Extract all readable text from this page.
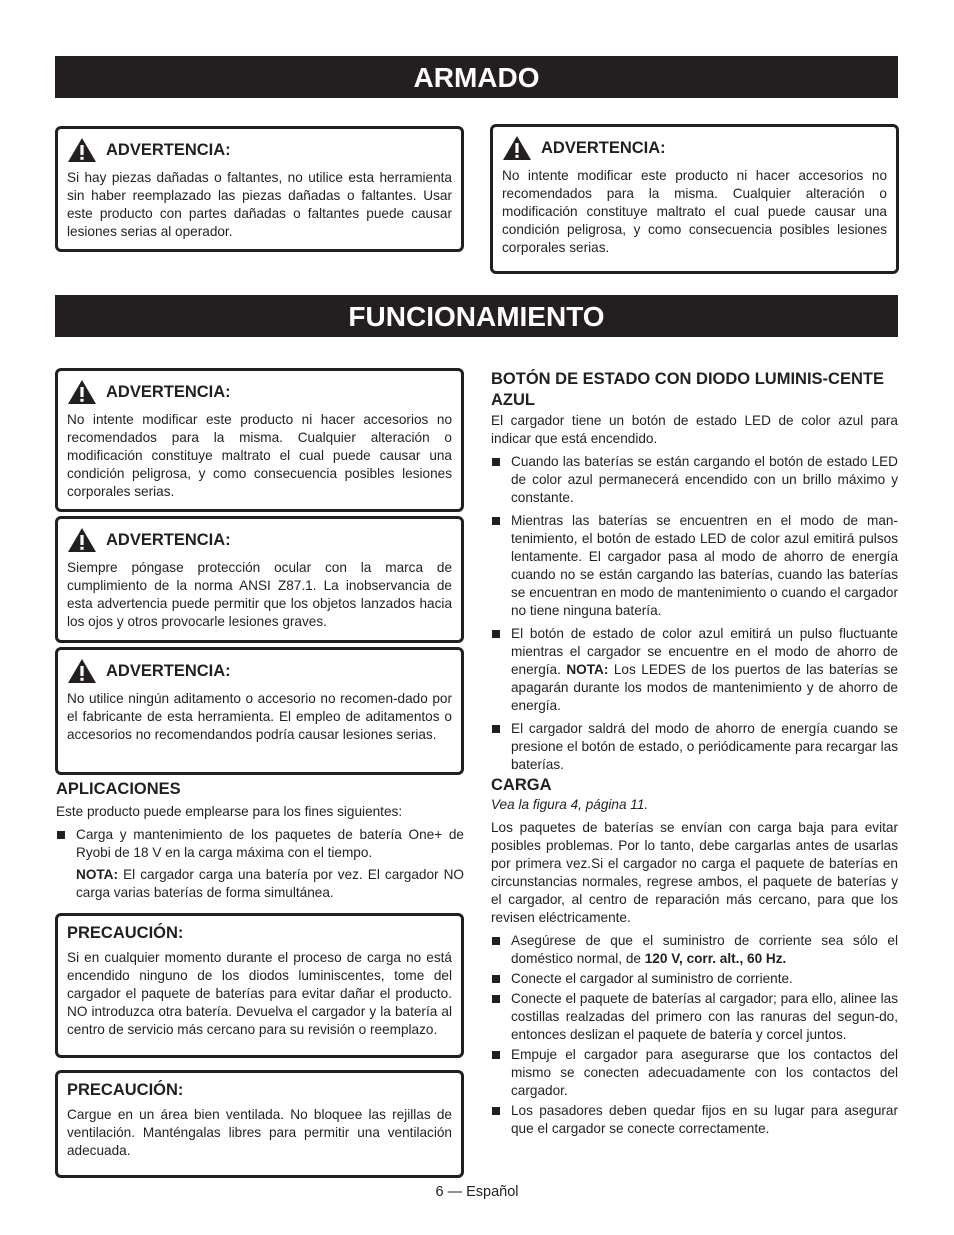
ARMADO
ADVERTENCIA:
Si hay piezas dañadas o faltantes, no utilice esta herramienta sin haber reemplazado las piezas dañadas o faltantes. Usar este producto con partes dañadas o faltantes puede causar lesiones serias al operador.
ADVERTENCIA:
No intente modificar este producto ni hacer accesorios no recomendados para la misma. Cualquier alteración o modificación constituye maltrato el cual puede causar una condición peligrosa, y como consecuencia posibles lesiones corporales serias.
FUNCIONAMIENTO
ADVERTENCIA:
No intente modificar este producto ni hacer accesorios no recomendados para la misma. Cualquier alteración o modificación constituye maltrato el cual puede causar una condición peligrosa, y como consecuencia posibles lesiones corporales serias.
ADVERTENCIA:
Siempre póngase protección ocular con la marca de cumplimiento de la norma ANSI Z87.1. La inobservancia de esta advertencia puede permitir que los objetos lanzados hacia los ojos y otros provocarle lesiones graves.
ADVERTENCIA:
No utilice ningún aditamento o accesorio no recomen-dado por el fabricante de esta herramienta. El empleo de aditamentos o accesorios no recomendandos podría causar lesiones serias.
APLICACIONES

Este producto puede emplearse para los fines siguientes:

Carga y mantenimiento de los paquetes de batería One+ de Ryobi de 18 V en la carga máxima con el tiempo.

NOTA: El cargador carga una batería por vez. El cargador NO carga varias baterías de forma simultánea.

PRECAUCIÓN:
Si en cualquier momento durante el proceso de carga no está encendido ninguno de los diodos luminiscentes, tome del cargador el paquete de baterías para evitar dañar el producto. NO introduzca otra batería. Devuelva el cargador y la batería al centro de servicio más cercano para su revisión o reemplazo.
PRECAUCIÓN:
Cargue en un área bien ventilada. No bloquee las rejillas de ventilación. Manténgalas libres para permitir una ventilación adecuada.
BOTÓN DE ESTADO CON DIODO LUMINIS-CENTE AZUL

El cargador tiene un botón de estado LED de color azul para indicar que está encendido.

Cuando las baterías se están cargando el botón de estado LED de color azul permanecerá encendido con un brillo máximo y constante.
Mientras las baterías se encuentren en el modo de man-tenimiento, el botón de estado LED de color azul emitirá pulsos lentamente. El cargador pasa al modo de ahorro de energía cuando no se están cargando las baterías, cuando las baterías se encuentran en modo de mantenimiento o cuando el cargador no tiene ninguna batería.
El botón de estado de color azul emitirá un pulso fluctuante mientras el cargador se encuentre en el modo de ahorro de energía. NOTA: Los LEDES de los puertos de las baterías se apagarán durante los modos de mantenimiento y de ahorro de energía.
El cargador saldrá del modo de ahorro de energía cuando se presione el botón de estado, o periódicamente para recargar las baterías.
CARGA

Vea la figura 4, página 11.

Los paquetes de baterías se envían con carga baja para evitar posibles problemas. Por lo tanto, debe cargarlas antes de usarlas por primera vez.Si el cargador no carga el paquete de baterías en circunstancias normales, regrese ambos, el paquete de baterías y el cargador, al centro de reparación más cercano, para que los revisen eléctricamente.

Asegúrese de que el suministro de corriente sea sólo el doméstico normal, de 120 V, corr. alt., 60 Hz.
Conecte el cargador al suministro de corriente.
Conecte el paquete de baterías al cargador; para ello, alinee las costillas realzadas del primero con las ranuras del segun-do, entonces deslizan el paquete de batería y corcel juntos.
Empuje el cargador para asegurarse que los contactos del mismo se conecten adecuadamente con los contactos del cargador.
Los pasadores deben quedar fijos en su lugar para asegurar que el cargador se conecte correctamente.
6 — Español
